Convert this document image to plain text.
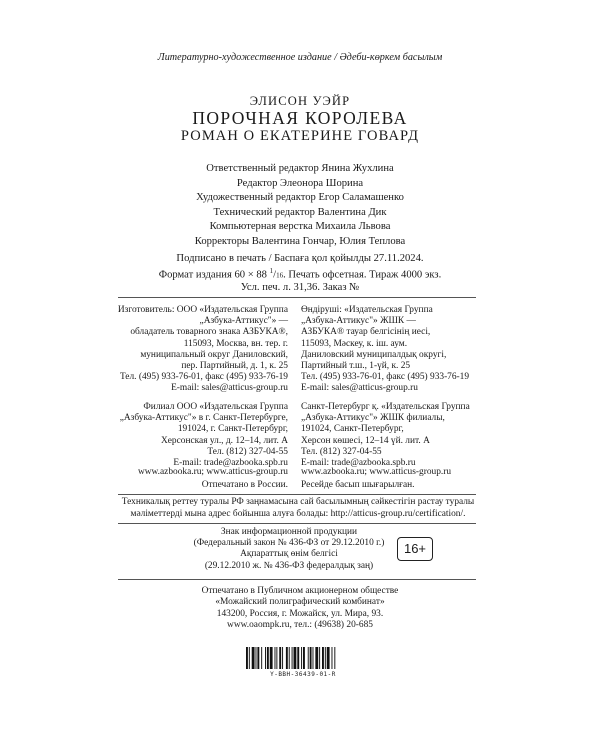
Литературно-художественное издание / Әдеби-көркем басылым
ЭЛИСОН УЭЙР
ПОРОЧНАЯ КОРОЛЕВА
РОМАН О ЕКАТЕРИНЕ ГОВАРД
Ответственный редактор Янина Жухлина
Редактор Элеонора Шорина
Художественный редактор Егор Саламашенко
Технический редактор Валентина Дик
Компьютерная верстка Михаила Львова
Корректоры Валентина Гончар, Юлия Теплова
Подписано в печать / Баспаға қол қойылды 27.11.2024.
Формат издания 60 × 88 $^1$/16. Печать офсетная. Тираж 4000 экз.
Усл. печ. л. 31,36. Заказ №
Изготовитель: ООО «Издательская Группа
„Азбука-Аттикус"» —
обладатель товарного знака АЗБУКА®,
115093, Москва, вн. тер. г.
муниципальный округ Даниловский,
пер. Партийный, д. 1, к. 25
Тел. (495) 933-76-01, факс (495) 933-76-19
E-mail: sales@atticus-group.ru
Өндіруші: «Издательская Группа
„Азбука-Аттикус"» ЖШК —
АЗБУКА® тауар белгісінің иесі,
115093, Мәскеу, к. іш. аум.
Даниловский муниципалдық округі,
Партийный т.ш., 1-үй, к. 25
Тел. (495) 933-76-01, факс (495) 933-76-19
E-mail: sales@atticus-group.ru
Филиал ООО «Издательская Группа
„Азбука-Аттикус"» в г. Санкт-Петербурге,
191024, г. Санкт-Петербург,
Херсонская ул., д. 12–14, лит. А
Тел. (812) 327-04-55
E-mail: trade@azbooka.spb.ru
Санкт-Петербург қ. «Издательская Группа
„Азбука-Аттикус"» ЖШК филиалы,
191024, Санкт-Петербург,
Херсон көшесі, 12–14 үй. лит. А
Тел. (812) 327-04-55
E-mail: trade@azbooka.spb.ru
www.azbooka.ru; www.atticus-group.ru
Отпечатано в России.
www.azbooka.ru; www.atticus-group.ru
Ресейде басып шығарылған.
Техникалық реттеу туралы РФ заңнамасына сай басылымның сәйкестігін растау туралы
мәліметтерді мына адрес бойынша алуға болады: http://atticus-group.ru/certification/.
Знак информационной продукции
(Федеральный закон № 436-ФЗ от 29.12.2010 г.)
Ақпараттық өнім белгісі
(29.12.2010 ж. № 436-ФЗ федералдық заң)
16+
Отпечатано в Публичном акционерном обществе
«Можайский полиграфический комбинат»
143200, Россия, г. Можайск, ул. Мира, 93.
www.oaompk.ru, тел.: (49638) 20-685
Y-BBH-36439-01-R
